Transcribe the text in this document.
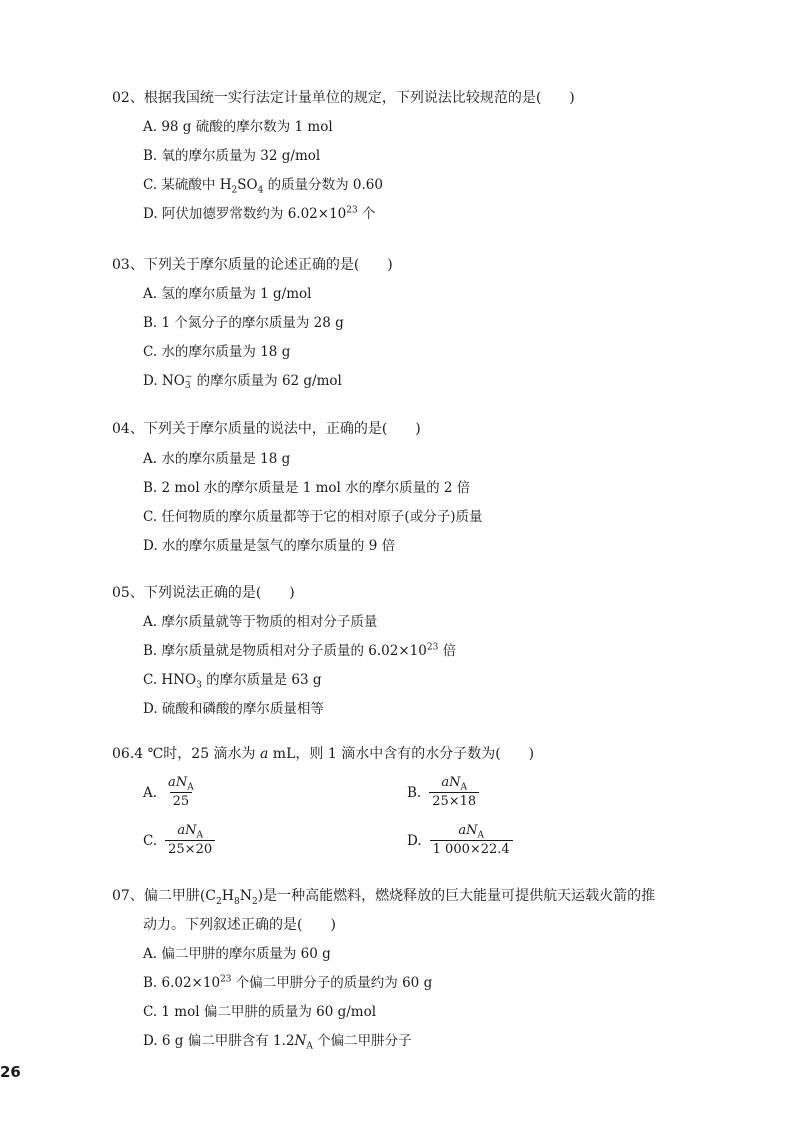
02、根据我国统一实行法定计量单位的规定，下列说法比较规范的是(　　)
A. 98 g 硫酸的摩尔数为 1 mol
B. 氧的摩尔质量为 32 g/mol
C. 某硫酸中 $H_2SO_4$ 的质量分数为 0.60
D. 阿伏加德罗常数约为 $6.02\times 10^{23}$ 个
03、下列关于摩尔质量的论述正确的是(　　)
A. 氢的摩尔质量为 1 g/mol
B. 1 个氮分子的摩尔质量为 28 g
C. 水的摩尔质量为 18 g
D. NO −
3 的摩尔质量为 62 g/mol
04、下列关于摩尔质量的说法中，正确的是(　　)
A. 水的摩尔质量是 18 g
B. 2 mol 水的摩尔质量是 1 mol 水的摩尔质量的 2 倍
C. 任何物质的摩尔质量都等于它的相对原子(或分子)质量
D. 水的摩尔质量是氢气的摩尔质量的 9 倍
05、下列说法正确的是(　　)
A. 摩尔质量就等于物质的相对分子质量
B. 摩尔质量就是物质相对分子质量的 $6.02\times 10^{23}$ 倍
C. $HNO_3$ 的摩尔质量是 63 g
D. 硫酸和磷酸的摩尔质量相等
06.4 ℃时，25 滴水为 a mL，则 1 滴水中含有的水分子数为(　　)
A. $\frac{aN_A}{25}$	B. $\frac{aN_A}{25\times 18}$
C. $\frac{aN_A}{25\times 20}$	D. $\frac{aN_A}{1 000\times 22.4}$
07、偏二甲肼$(C_2H_8N_2)$是一种高能燃料，燃烧释放的巨大能量可提供航天运载火箭的推
动力。下列叙述正确的是(　　)
A. 偏二甲肼的摩尔质量为 60 g
B. $6.02\times 10^{23}$ 个偏二甲肼分子的质量约为 60 g
C. 1 mol 偏二甲肼的质量为 60 g/mol
D. 6 g 偏二甲肼含有 $1.2N_A$ 个偏二甲肼分子
26
